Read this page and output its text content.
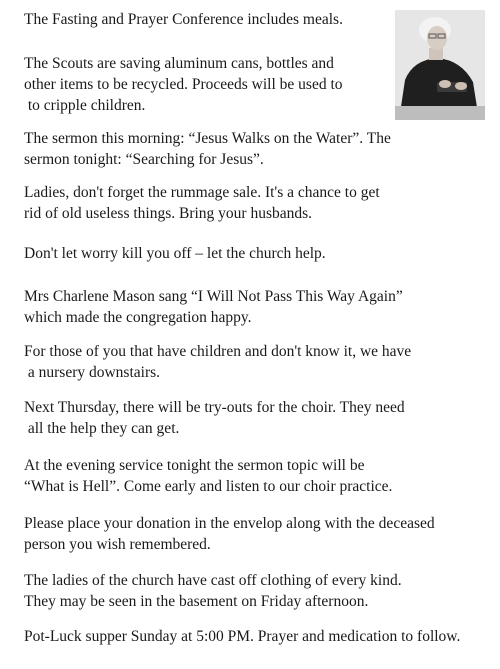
The Fasting and Prayer Conference includes meals.

The Scouts are saving aluminum cans, bottles and
other items to be recycled. Proceeds will be used to
to cripple children.

The sermon this morning: “Jesus Walks on the Water”. The
sermon tonight: “Searching for Jesus”.

Ladies, don't forget the rummage sale. It's a chance to get
rid of old useless things. Bring your husbands.

Don't let worry kill you off – let the church help.

Mrs Charlene Mason sang “I Will Not Pass This Way Again”
which made the congregation happy.

For those of you that have children and don't know it, we have
a nursery downstairs.

Next Thursday, there will be try-outs for the choir. They need
all the help they can get.

At the evening service tonight the sermon topic will be
“What is Hell”. Come early and listen to our choir practice.

Please place your donation in the envelop along with the deceased
person you wish remembered.

The ladies of the church have cast off clothing of every kind.
They may be seen in the basement on Friday afternoon.

Pot-Luck supper Sunday at 5:00 PM. Prayer and medication to follow.
